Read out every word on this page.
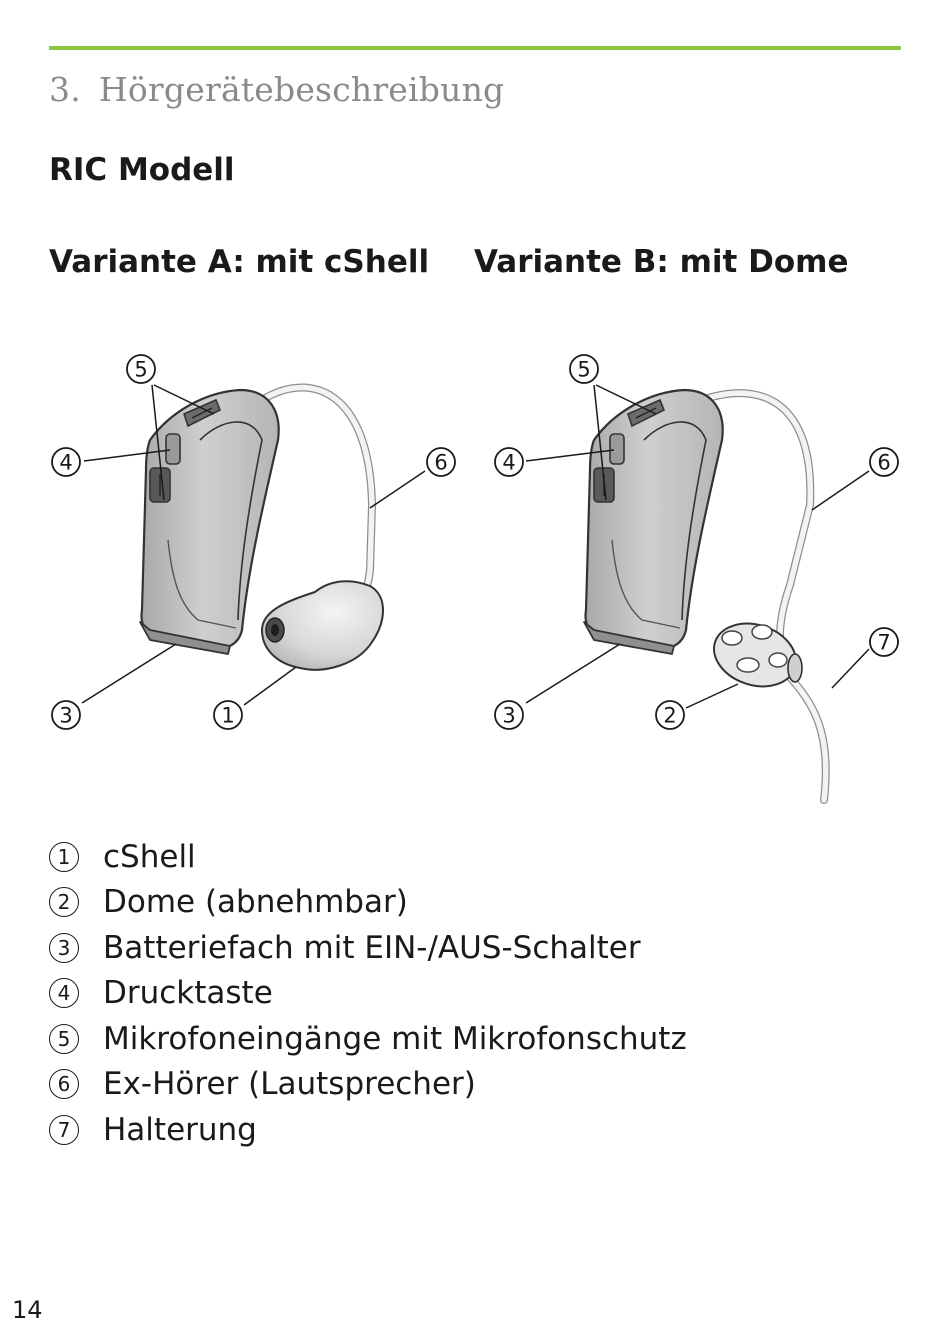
3. Hörgerätebeschreibung
RIC Modell
Variante A: mit cShell Variante B: mit Dome
5
4	6
3	1
5
4	6
7
3	2
1 cShell
2 Dome (abnehmbar)
3 Batteriefach mit EIN-/AUS-Schalter
4 Drucktaste
5 Mikrofoneingänge mit Mikrofonschutz
6 Ex-Hörer (Lautsprecher)
7 Halterung
14
